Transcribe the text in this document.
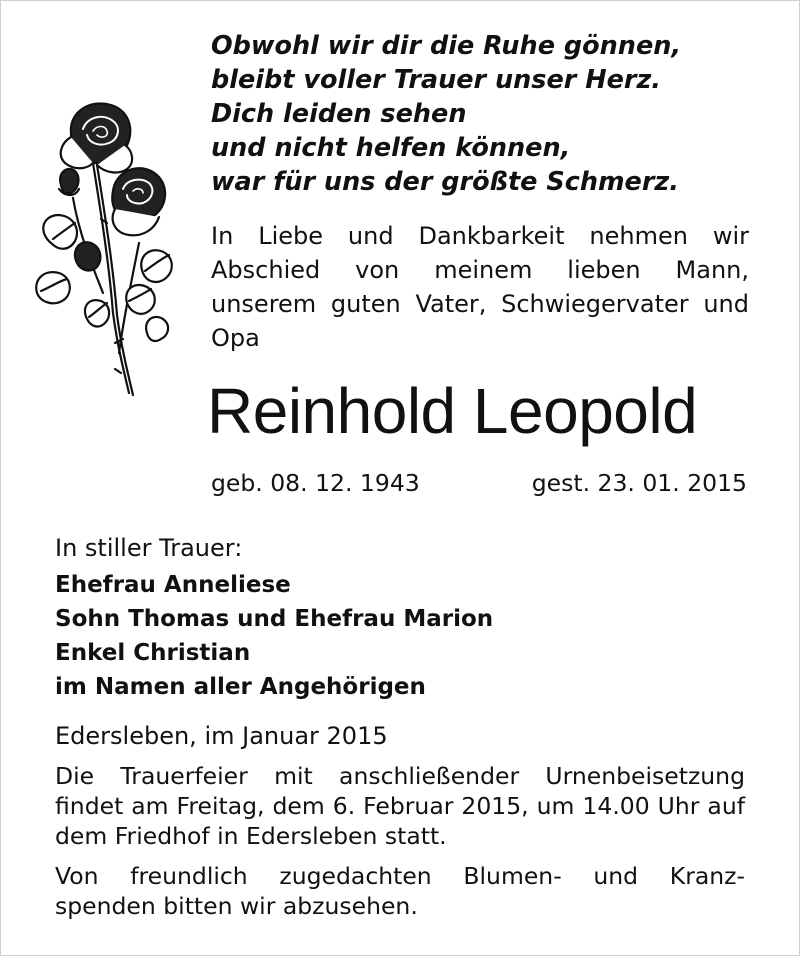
Obwohl wir dir die Ruhe gönnen,
bleibt voller Trauer unser Herz.
Dich leiden sehen
und nicht helfen können,
war für uns der größte Schmerz.

In Liebe und Dankbarkeit nehmen wir Abschied von meinem lieben Mann, unserem guten Vater, Schwiegervater und Opa

Reinhold Leopold
geb. 08. 12. 1943	gest. 23. 01. 2015
In stiller Trauer:
Ehefrau Anneliese
Sohn Thomas und Ehefrau Marion
Enkel Christian
im Namen aller Angehörigen
Edersleben, im Januar 2015

Die Trauerfeier mit anschließender Urnenbeisetzung findet am Freitag, dem 6. Februar 2015, um 14.00 Uhr auf dem Friedhof in Edersleben statt.

Von freundlich zugedachten Blumen- und Kranz-
spenden bitten wir abzusehen.
